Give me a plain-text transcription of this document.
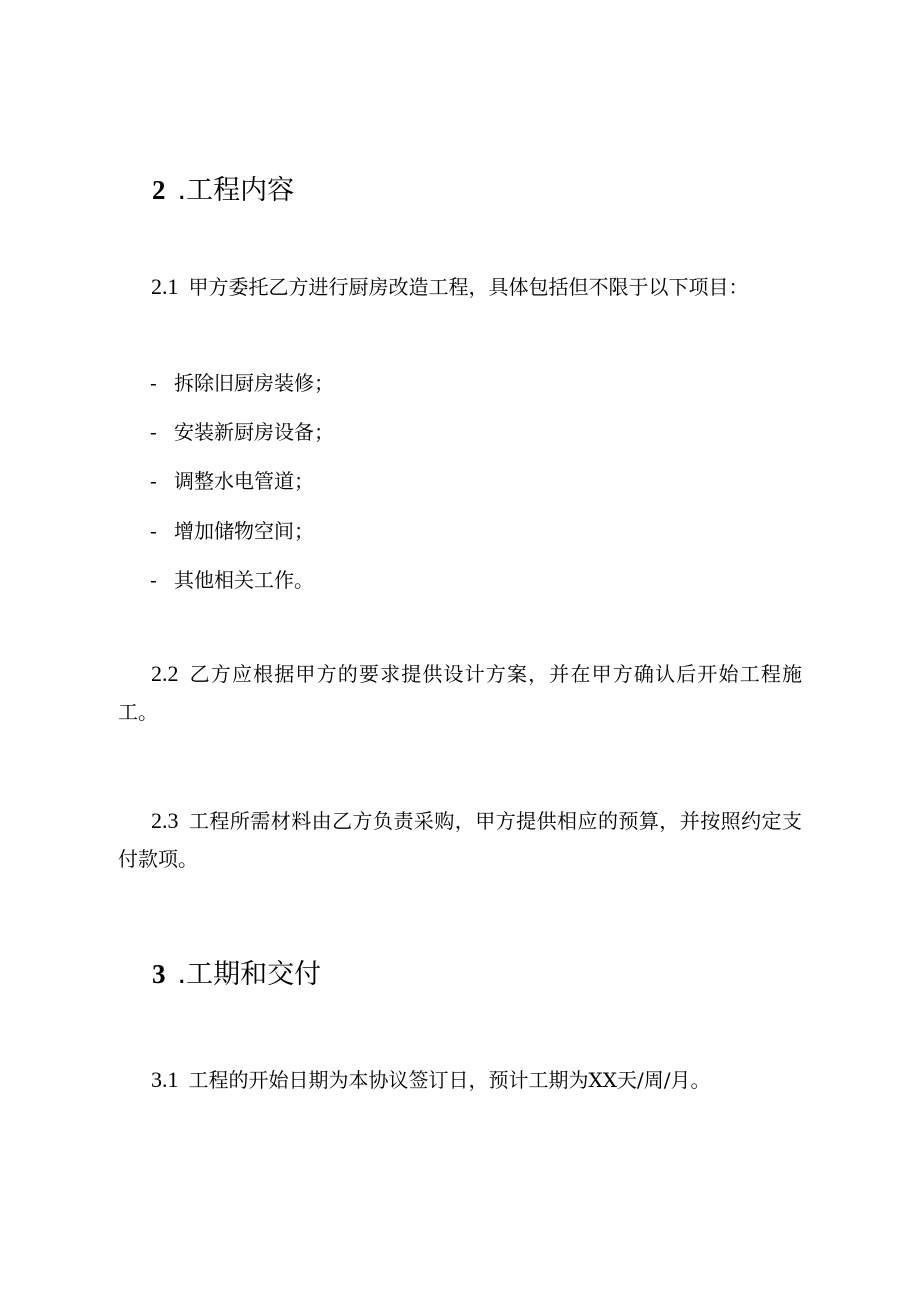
2 .工程内容
2.1 甲方委托乙方进行厨房改造工程，具体包括但不限于以下项目：
- 拆除旧厨房装修；
- 安装新厨房设备；
- 调整水电管道；
- 增加储物空间；
- 其他相关工作。
2.2 乙方应根据甲方的要求提供设计方案，并在甲方确认后开始工程施工。
2.3 工程所需材料由乙方负责采购，甲方提供相应的预算，并按照约定支付款项。
3 .工期和交付
3.1 工程的开始日期为本协议签订日，预计工期为XX天/周/月。
